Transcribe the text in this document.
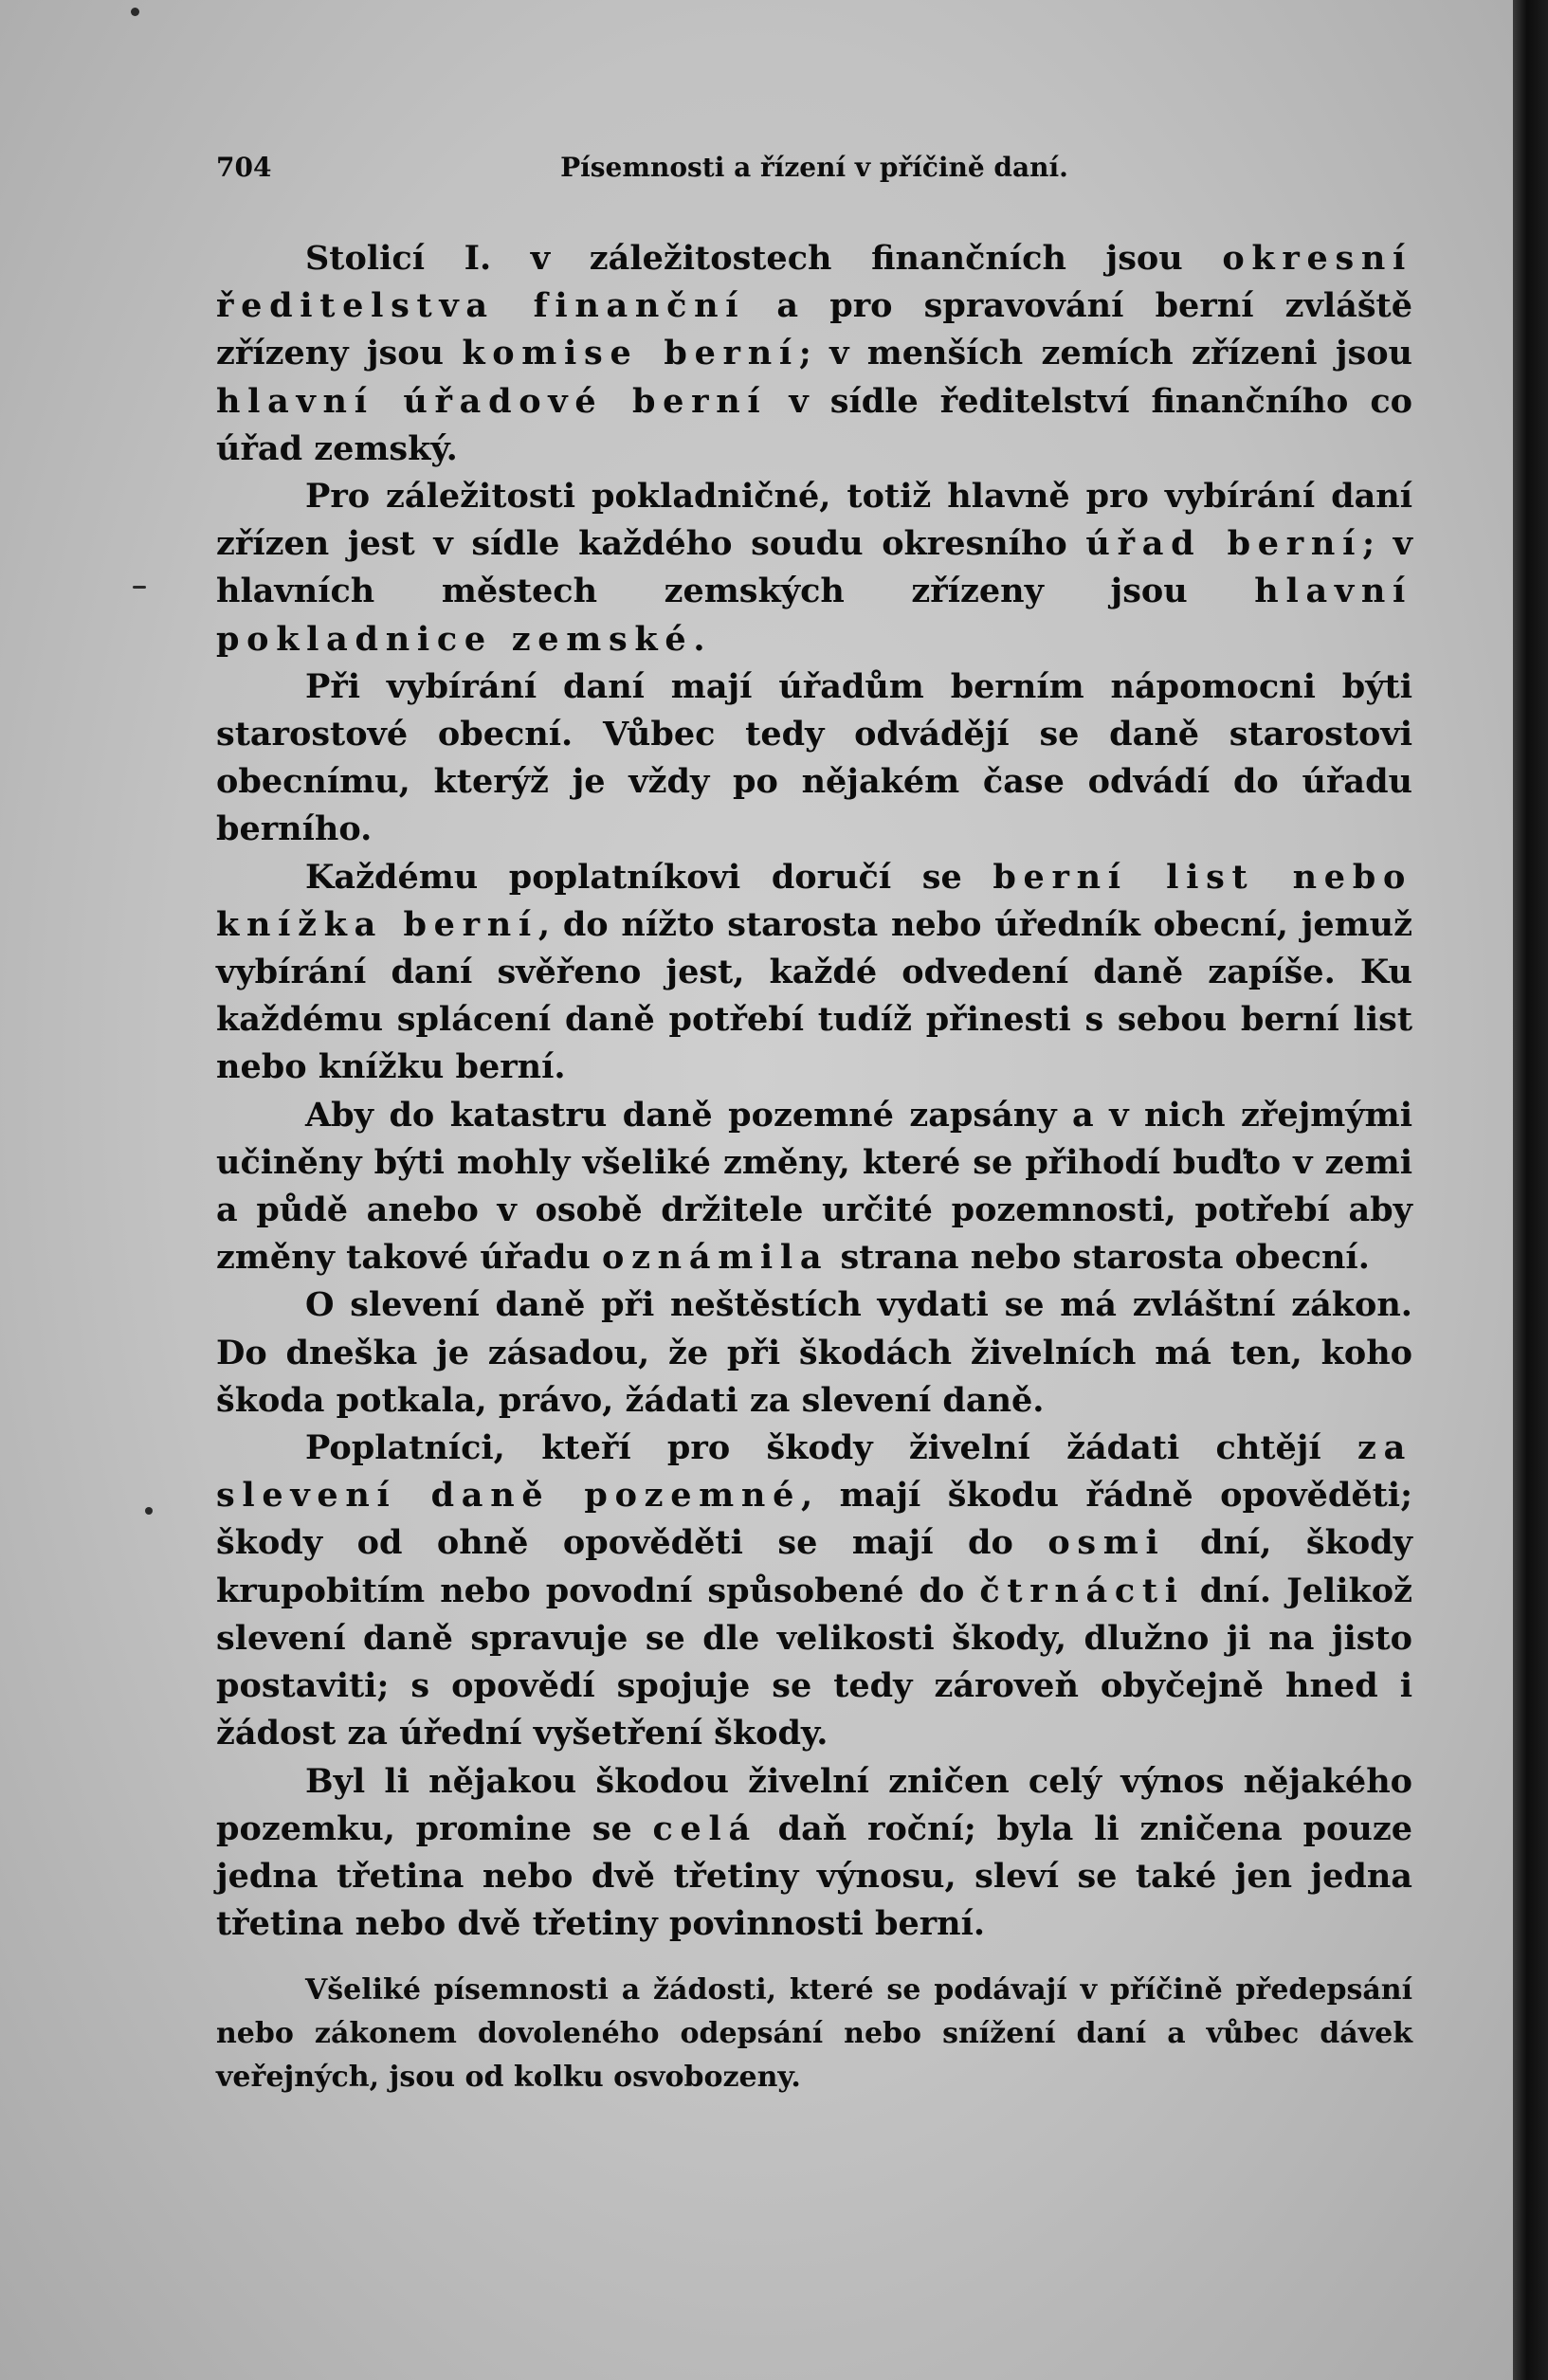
704	Písemnosti a řízení v příčině daní.

Stolicí I. v záležitostech finančních jsou okresní ředitelstva finanční a pro spravování berní zvláště zřízeny jsou komise berní; v menších zemích zřízeni jsou hlavní úřadové berní v sídle ředitelství finančního co úřad zemský.

Pro záležitosti pokladničné, totiž hlavně pro vybírání daní zřízen jest v sídle každého soudu okresního úřad berní; v hlavních městech zemských zřízeny jsou hlavní pokladnice zemské.

Při vybírání daní mají úřadům berním nápomocni býti starostové obecní. Vůbec tedy odvádějí se daně starostovi obecnímu, kterýž je vždy po nějakém čase odvádí do úřadu berního.

Každému poplatníkovi doručí se berní list nebo knížka berní, do nížto starosta nebo úředník obecní, jemuž vybírání daní svěřeno jest, každé odvedení daně zapíše. Ku každému splácení daně potřebí tudíž přinesti s sebou berní list nebo knížku berní.

Aby do katastru daně pozemné zapsány a v nich zřejmými učiněny býti mohly všeliké změny, které se přihodí buďto v zemi a půdě anebo v osobě držitele určité pozemnosti, potřebí aby změny takové úřadu oznámila strana nebo starosta obecní.

O slevení daně při neštěstích vydati se má zvláštní zákon. Do dneška je zásadou, že při škodách živelních má ten, koho škoda potkala, právo, žádati za slevení daně.

Poplatníci, kteří pro škody živelní žádati chtějí za slevení daně pozemné, mají škodu řádně opověděti; škody od ohně opověděti se mají do osmi dní, škody krupobitím nebo povodní spůsobené do čtrnácti dní. Jelikož slevení daně spravuje se dle velikosti škody, dlužno ji na jisto postaviti; s opovědí spojuje se tedy zároveň obyčejně hned i žádost za úřední vyšetření škody.

Byl li nějakou škodou živelní zničen celý výnos nějakého pozemku, promine se celá daň roční; byla li zničena pouze jedna třetina nebo dvě třetiny výnosu, sleví se také jen jedna třetina nebo dvě třetiny povinnosti berní.

Všeliké písemnosti a žádosti, které se podávají v příčině předepsání nebo zákonem dovoleného odepsání nebo snížení daní a vůbec dávek veřejných, jsou od kolku osvobozeny.
